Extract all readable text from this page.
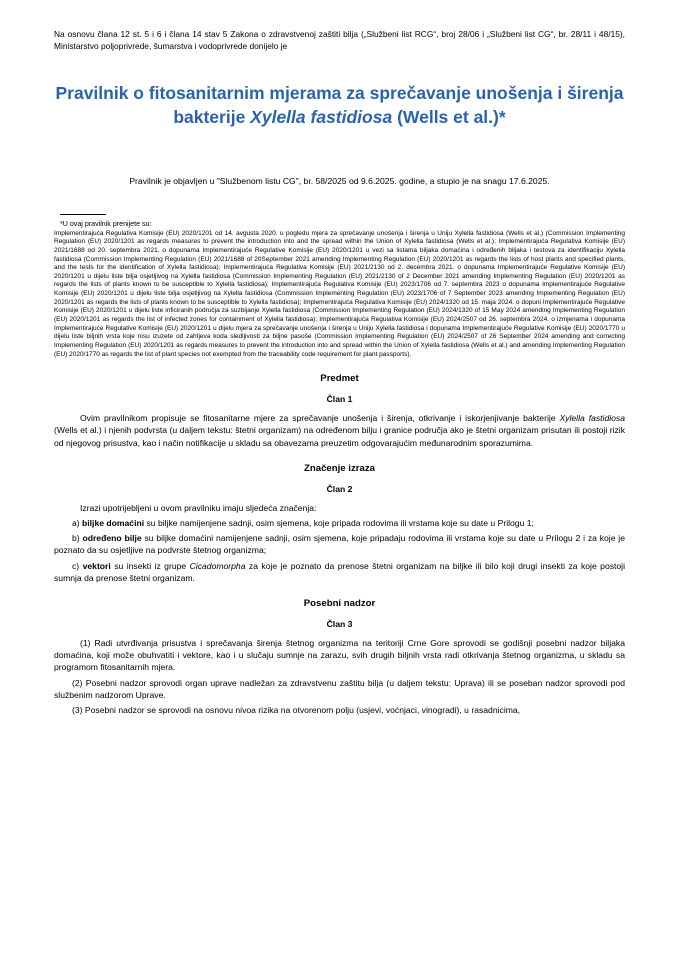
Na osnovu člana 12 st. 5 i 6 i člana 14 stav 5 Zakona o zdravstvenoj zaštiti bilja („Službeni list RCG“, broj 28/06 i „Službeni list CG“, br. 28/11 i 48/15), Ministarstvo poljoprivrede, šumarstva i vodoprivrede donijelo je
Pravilnik o fitosanitarnim mjerama za sprečavanje unošenja i širenja
bakterije Xylella fastidiosa (Wells et al.)*
Pravilnik je objavljen u "Službenom listu CG", br. 58/2025 od 9.6.2025. godine, a stupio je na snagu 17.6.2025.
*U ovaj pravilnik prenijete su:
Implementirajuća Regulativa Komisije (EU) 2020/1201 od 14. avgusta 2020. u pogledu mjera za sprečavanje unošenja i širenja u Uniju Xylella fastidiosa (Wells et al.) (Commission Implementing Regulation (EU) 2020/1201 as regards measures to prevent the introduction into and the spread within the Union of Xylella fastidiosa (Wells et al.); Implementirajuća Regulativa Komisije (EU) 2021/1688 od 20. septembra 2021. o dopunama Implementirajuće Regulative Komisije (EU) 2020/1201 u vezi sa listama biljaka domaćina i određenih biljaka i testova za identifikaciju Xylella fastidiosa (Commission Implementing Regulation (EU) 2021/1688 of 20September 2021 amending Implementing Regulation (EU) 2020/1201 as regards the lists of host plants and specified plants, and the tests for the identification of Xylella fastidiosa); Implementirajuća Regulativa Komisije (EU) 2021/2130 od 2. decembra 2021. o dopunama Implementirajuće Regulative Komisije (EU) 2020/1201 u dijelu liste bilja osjetljivog na Xylella fastidiosa (Commission Implementing Regulation (EU) 2021/2130 of 2 December 2021 amending Implementing Regulation (EU) 2020/1201 as regards the lists of plants known to be susceptible to Xylella fastidiosa); Implementirajuća Regulativa Komisije (EU) 2023/1706 od 7. septembra 2023 o dopunama Implementirajuće Regulative Komisije (EU) 2020/1201 u dijelu liste bilja osjetljivog na Xylella fastidiosa (Commission Implementing Regulation (EU) 2023/1706 of 7 September 2023 amending Implementing Regulation (EU) 2020/1201 as regards the lists of plants known to be susceptible to Xylella fastidiosa); Implementirajuća Regulativa Komisije (EU) 2024/1320 od 15. maja 2024. o dopuni Implementirajuće Regulative Komisije (EU) 2020/1201 u dijelu liste inficiranih područja za suzbijanje Xylella fastidiosa (Commission Implementing Regulation (EU) 2024/1320 of 15 May 2024 amending Implementing Regulation (EU) 2020/1201 as regards the list of infected zones for containment of Xylella fastidiosa); Implementirajuća Regulativa Komisije (EU) 2024/2507 od 26. septembra 2024. o izmjenama i dopunama Implementirajuće Regulative Komisije (EU) 2020/1201 u dijelu mjera za sprečavanje unošenja i širenja u Uniju Xylella fastidiosa i dopunama Implementirajuće Regulative Komisije (EU) 2020/1770 u dijelu liste biljnih vrsta koje nisu izuzete od zahtjeva koda sledljivosti za biljne pasoše (Commission Implementing Regulation (EU) 2024/2507 of 26 September 2024 amending and correcting Implementing Regulation (EU) 2020/1201 as regards measures to prevent the introduction into and spread within the Union of Xylella fastidiosa (Wells et al.) and amending Implementing Regulation (EU) 2020/1770 as regards the list of plant species not exempted from the traceability code requirement for plant passports).
Predmet
Član 1
Ovim pravilnikom propisuje se fitosanitarne mjere za sprečavanje unošenja i širenja, otkrivanje i iskorjenjivanje bakterije Xylella fastidiosa (Wells et al.) i njenih podvrsta (u daljem tekstu: štetni organizam) na određenom bilju i granice područja ako je štetni organizam prisutan ili postoji rizik od njegovog prisustva, kao i način notifikacije u skladu sa obavezama preuzetim odgovarajućim međunarodnim sporazumima.
Značenje izraza
Član 2
Izrazi upotrijebljeni u ovom pravilniku imaju sljedeća značenja:
a) biljke domaćini su biljke namijenjene sadnji, osim sjemena, koje pripada rodovima ili vrstama koje su date u Prilogu 1;
b) određeno bilje su biljke domaćini namijenjene sadnji, osim sjemena, koje pripadaju rodovima ili vrstama koje su date u Prilogu 2 i za koje je poznato da su osjetljive na podvrste štetnog organizma;
c) vektori su insekti iz grupe Cicadomorpha za koje je poznato da prenose štetni organizam na biljke ili bilo koji drugi insekti za koje postoji sumnja da prenose štetni organizam.
Posebni nadzor
Član 3
(1) Radi utvrđivanja prisustva i sprečavanja širenja štetnog organizma na teritoriji Crne Gore sprovodi se godišnji posebni nadzor biljaka domaćina, koji može obuhvatiti i vektore, kao i u slučaju sumnje na zarazu, svih drugih biljnih vrsta radi otkrivanja štetnog organizma, u skladu sa programom fitosanitarnih mjera.
(2) Posebni nadzor sprovodi organ uprave nadležan za zdravstvenu zaštitu bilja (u daljem tekstu: Uprava) ili se poseban nadzor sprovodi pod službenim nadzorom Uprave.
(3) Posebni nadzor se sprovodi na osnovu nivoa rizika na otvorenom polju (usjevi, voćnjaci, vinogradi), u rasadnicima,
